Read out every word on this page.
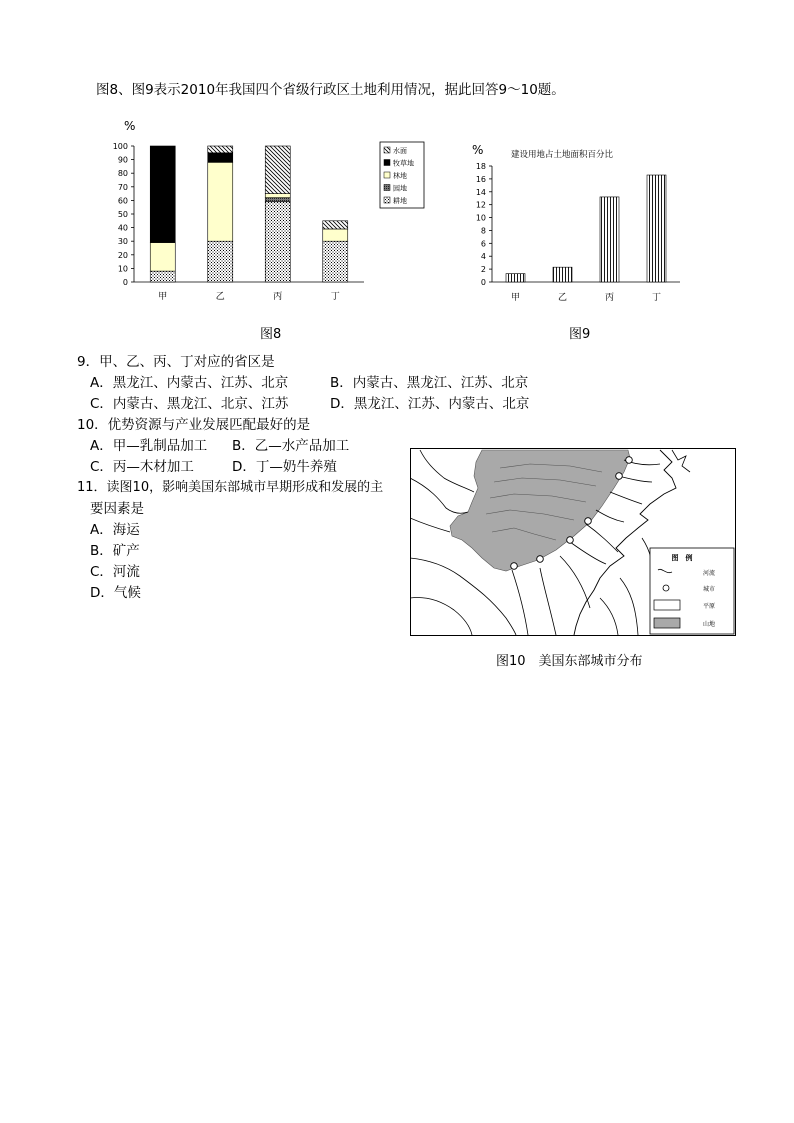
图8、图9表示2010年我国四个省级行政区土地利用情况，据此回答9～10题。
%
0
10
20
30
40
50
60
70
80
90
100
甲	乙	丙	丁
水面
牧草地
林地
园地
耕地
图8
%	建设用地占土地面积百分比
0
2
4
6
8
10
12
14
16
18
甲	乙	丙	丁
图9
9．甲、乙、丙、丁对应的省区是
A．黑龙江、内蒙古、江苏、北京	B．内蒙古、黑龙江、江苏、北京
C．内蒙古、黑龙江、北京、江苏	D．黑龙江、江苏、内蒙古、北京
10．优势资源与产业发展匹配最好的是
A．甲—乳制品加工 B．乙—水产品加工
C．丙—木材加工	D．丁—奶牛养殖
11．读图10，影响美国东部城市早期形成和发展的主
要因素是
A．海运
B．矿产
C．河流
D．气候
图　例
河流
城市
平原
山地
图10　美国东部城市分布
